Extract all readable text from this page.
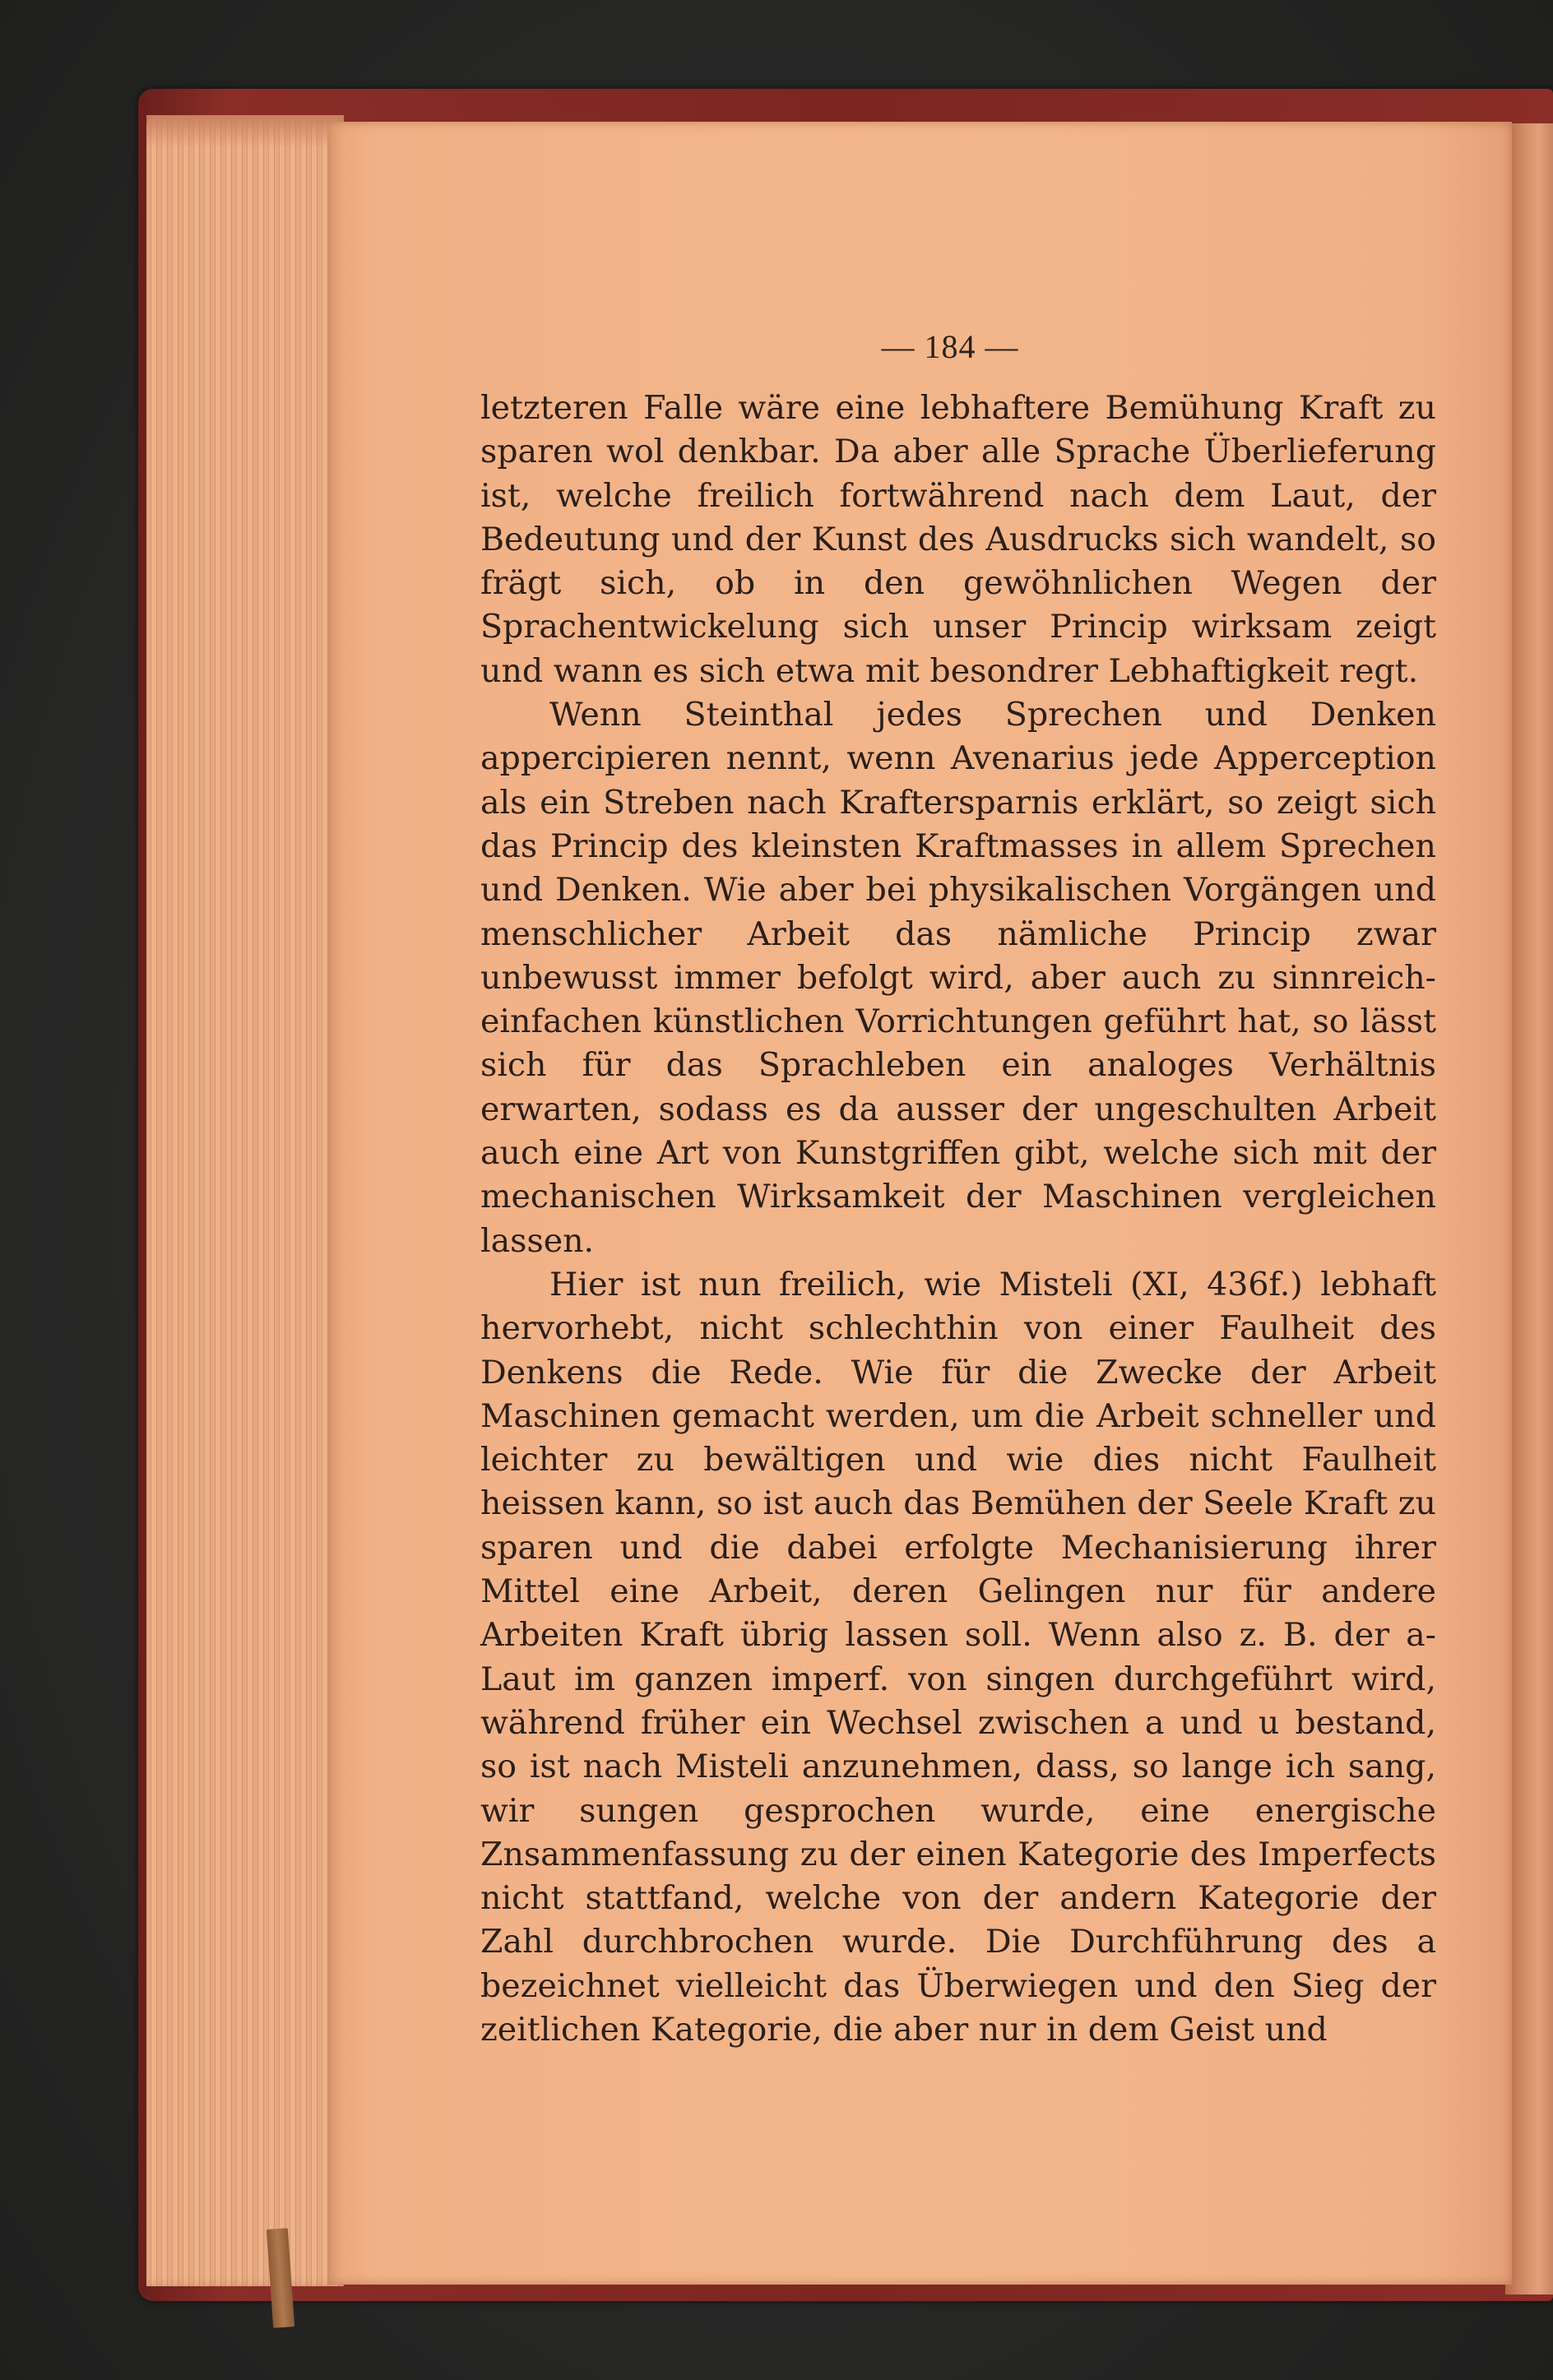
— 184 —

letzteren Falle wäre eine lebhaftere Bemühung Kraft zu sparen wol denkbar. Da aber alle Sprache Überlieferung ist, welche freilich fortwährend nach dem Laut, der Bedeutung und der Kunst des Ausdrucks sich wandelt, so frägt sich, ob in den gewöhnlichen Wegen der Sprachentwickelung sich unser Princip wirksam zeigt und wann es sich etwa mit besondrer Lebhaftigkeit regt.

Wenn Steinthal jedes Sprechen und Denken appercipieren nennt, wenn Avenarius jede Apperception als ein Streben nach Kraftersparnis erklärt, so zeigt sich das Princip des kleinsten Kraftmasses in allem Sprechen und Denken. Wie aber bei physikalischen Vorgängen und menschlicher Arbeit das nämliche Princip zwar unbewusst immer befolgt wird, aber auch zu sinnreich-einfachen künstlichen Vorrichtungen geführt hat, so lässt sich für das Sprachleben ein analoges Verhältnis erwarten, sodass es da ausser der ungeschulten Arbeit auch eine Art von Kunstgriffen gibt, welche sich mit der mechanischen Wirksamkeit der Maschinen vergleichen lassen.

Hier ist nun freilich, wie Misteli (XI, 436f.) lebhaft hervorhebt, nicht schlechthin von einer Faulheit des Denkens die Rede. Wie für die Zwecke der Arbeit Maschinen gemacht werden, um die Arbeit schneller und leichter zu bewältigen und wie dies nicht Faulheit heissen kann, so ist auch das Bemühen der Seele Kraft zu sparen und die dabei erfolgte Mechanisierung ihrer Mittel eine Arbeit, deren Gelingen nur für andere Arbeiten Kraft übrig lassen soll. Wenn also z. B. der a-Laut im ganzen imperf. von singen durchgeführt wird, während früher ein Wechsel zwischen a und u bestand, so ist nach Misteli anzunehmen, dass, so lange ich sang, wir sungen gesprochen wurde, eine energische Znsammenfassung zu der einen Kategorie des Imperfects nicht stattfand, welche von der andern Kategorie der Zahl durchbrochen wurde. Die Durchführung des a bezeichnet vielleicht das Überwiegen und den Sieg der zeitlichen Kategorie, die aber nur in dem Geist und
